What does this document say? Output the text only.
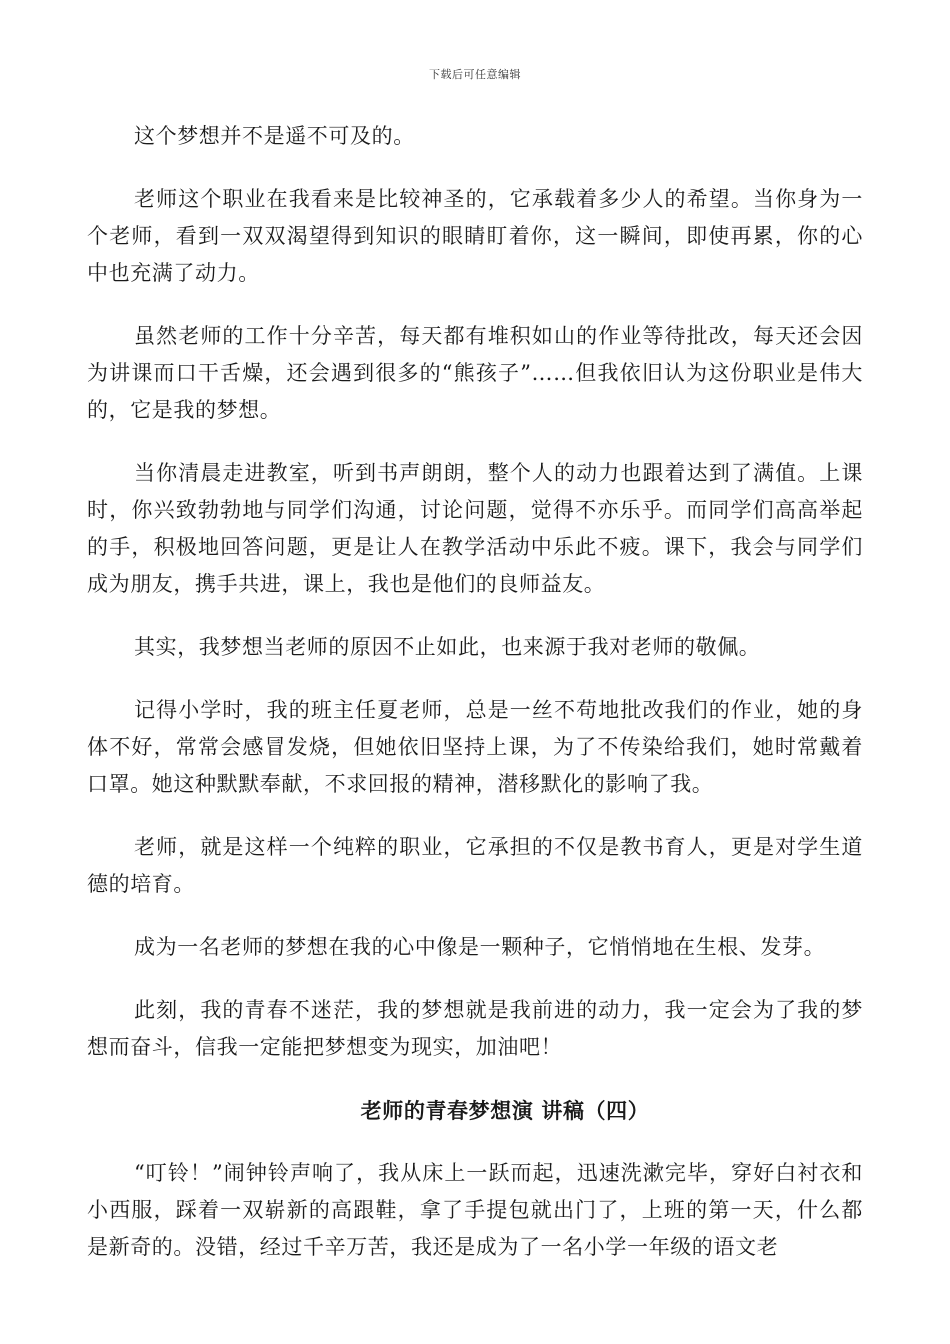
下载后可任意编辑

这个梦想并不是遥不可及的。

老师这个职业在我看来是比较神圣的，它承载着多少人的希望。当你身为一个老师，看到一双双渴望得到知识的眼睛盯着你，这一瞬间，即使再累，你的心中也充满了动力。

虽然老师的工作十分辛苦，每天都有堆积如山的作业等待批改，每天还会因为讲课而口干舌燥，还会遇到很多的“熊孩子”……但我依旧认为这份职业是伟大的，它是我的梦想。

当你清晨走进教室，听到书声朗朗，整个人的动力也跟着达到了满值。上课时，你兴致勃勃地与同学们沟通，讨论问题，觉得不亦乐乎。而同学们高高举起的手，积极地回答问题，更是让人在教学活动中乐此不疲。课下，我会与同学们成为朋友，携手共进，课上，我也是他们的良师益友。

其实，我梦想当老师的原因不止如此，也来源于我对老师的敬佩。

记得小学时，我的班主任夏老师，总是一丝不苟地批改我们的作业，她的身体不好，常常会感冒发烧，但她依旧坚持上课，为了不传染给我们，她时常戴着口罩。她这种默默奉献，不求回报的精神，潜移默化的影响了我。

老师，就是这样一个纯粹的职业，它承担的不仅是教书育人，更是对学生道德的培育。

成为一名老师的梦想在我的心中像是一颗种子，它悄悄地在生根、发芽。

此刻，我的青春不迷茫，我的梦想就是我前进的动力，我一定会为了我的梦想而奋斗，信我一定能把梦想变为现实，加油吧！

老师的青春梦想演 讲稿（四）

“叮铃！”闹钟铃声响了，我从床上一跃而起，迅速洗漱完毕，穿好白衬衣和小西服，踩着一双崭新的高跟鞋，拿了手提包就出门了，上班的第一天，什么都是新奇的。没错，经过千辛万苦，我还是成为了一名小学一年级的语文老
